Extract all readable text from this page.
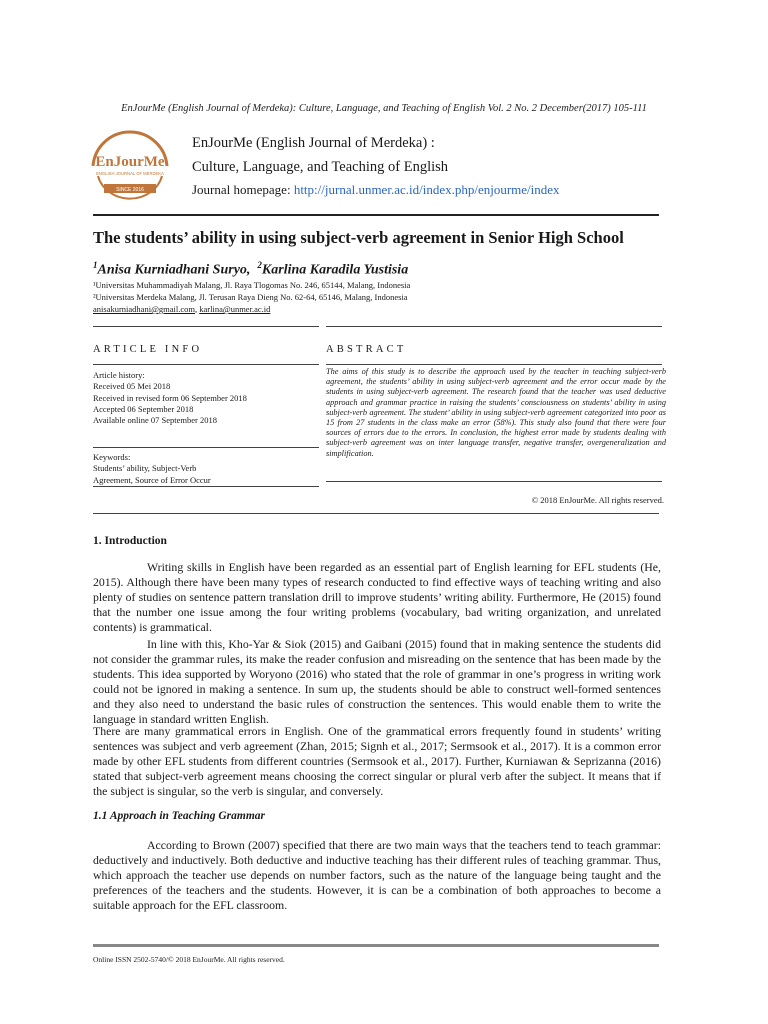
EnJourMe (English Journal of Merdeka): Culture, Language, and Teaching of English Vol. 2 No. 2 December(2017) 105-111
EnJourMe
ENGLISH JOURNAL OF MERDEKA
SINCE 2016
EnJourMe (English Journal of Merdeka) :
Culture, Language, and Teaching of English
Journal homepage: http://jurnal.unmer.ac.id/index.php/enjourme/index
The students’ ability in using subject-verb agreement in Senior High School
$^1$Anisa Kurniadhani Suryo, $^2$Karlina Karadila Yustisia
¹Universitas Muhammadiyah Malang, Jl. Raya Tlogomas No. 246, 65144, Malang, Indonesia
²Universitas Merdeka Malang, Jl. Terusan Raya Dieng No. 62-64, 65146, Malang, Indonesia
anisakurniadhani@gmail.com, karlina@unmer.ac.id
ARTICLE INFO	ABSTRACT
Article history:
Received 05 Mei 2018
Received in revised form 06 September 2018
Accepted 06 September 2018
Available online 07 September 2018
Keywords:
Students’ ability, Subject-Verb
Agreement, Source of Error Occur
The aims of this study is to describe the approach used by the teacher in teaching subject-verb agreement, the students’ ability in using subject-verb agreement and the error occur made by the students in using subject-verb agreement. The research found that the teacher was used deductive approach and grammar practice in raising the students’ consciousness on students’ ability in using subject-verb agreement. The student’ ability in using subject-verb agreement categorized into poor as 15 from 27 students in the class make an error (58%). This study also found that there were four sources of errors due to the errors. In conclusion, the highest error made by students dealing with subject-verb agreement was on inter language transfer, negative transfer, overgeneralization and simplification.
© 2018 EnJourMe. All rights reserved.
1. Introduction
Writing skills in English have been regarded as an essential part of English learning for EFL students (He, 2015). Although there have been many types of research conducted to find effective ways of teaching writing and also plenty of studies on sentence pattern translation drill to improve students’ writing ability. Furthermore, He (2015) found that the number one issue among the four writing problems (vocabulary, bad writing organization, and unrelated contents) is grammatical.
In line with this, Kho-Yar & Siok (2015) and Gaibani (2015) found that in making sentence the students did not consider the grammar rules, its make the reader confusion and misreading on the sentence that has been made by the students. This idea supported by Woryono (2016) who stated that the role of grammar in one’s progress in writing work could not be ignored in making a sentence. In sum up, the students should be able to construct well-formed sentences and they also need to understand the basic rules of construction the sentences. This would enable them to write the language in standard written English.
There are many grammatical errors in English. One of the grammatical errors frequently found in students’ writing sentences was subject and verb agreement (Zhan, 2015; Signh et al., 2017; Sermsook et al., 2017). It is a common error made by other EFL students from different countries (Sermsook et al., 2017). Further, Kurniawan & Seprizanna (2016) stated that subject-verb agreement means choosing the correct singular or plural verb after the subject. It means that if the subject is singular, so the verb is singular, and conversely.
1.1 Approach in Teaching Grammar
According to Brown (2007) specified that there are two main ways that the teachers tend to teach grammar: deductively and inductively. Both deductive and inductive teaching has their different rules of teaching grammar. Thus, which approach the teacher use depends on number factors, such as the nature of the language being taught and the preferences of the teachers and the students. However, it is can be a combination of both approaches to become a suitable approach for the EFL classroom.
Online ISSN 2502-5740/© 2018 EnJourMe. All rights reserved.
